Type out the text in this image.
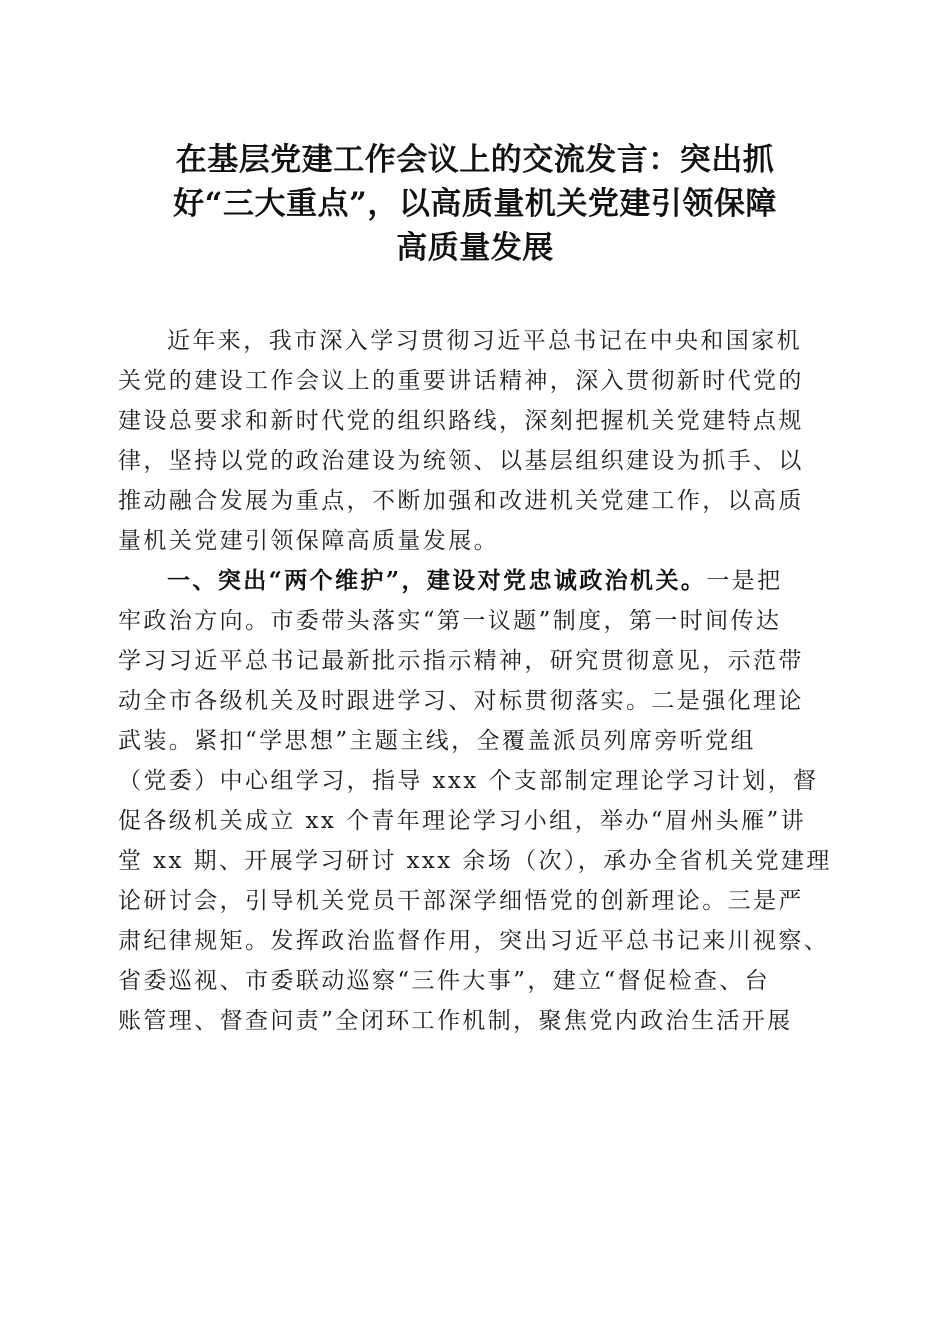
在基层党建工作会议上的交流发言：突出抓
好“三大重点”，以高质量机关党建引领保障
高质量发展
近年来，我市深入学习贯彻习近平总书记在中央和国家机
关党的建设工作会议上的重要讲话精神，深入贯彻新时代党的
建设总要求和新时代党的组织路线，深刻把握机关党建特点规
律，坚持以党的政治建设为统领、以基层组织建设为抓手、以
推动融合发展为重点，不断加强和改进机关党建工作，以高质
量机关党建引领保障高质量发展。
一、突出“两个维护”，建设对党忠诚政治机关。一是把
牢政治方向。市委带头落实“第一议题”制度，第一时间传达
学习习近平总书记最新批示指示精神，研究贯彻意见，示范带
动全市各级机关及时跟进学习、对标贯彻落实。二是强化理论
武装。紧扣“学思想”主题主线，全覆盖派员列席旁听党组
（党委）中心组学习，指导 xxx 个支部制定理论学习计划，督
促各级机关成立 xx 个青年理论学习小组，举办“眉州头雁”讲
堂 xx 期、开展学习研讨 xxx 余场（次），承办全省机关党建理
论研讨会，引导机关党员干部深学细悟党的创新理论。三是严
肃纪律规矩。发挥政治监督作用，突出习近平总书记来川视察、
省委巡视、市委联动巡察“三件大事”，建立“督促检查、台
账管理、督查问责”全闭环工作机制，聚焦党内政治生活开展
